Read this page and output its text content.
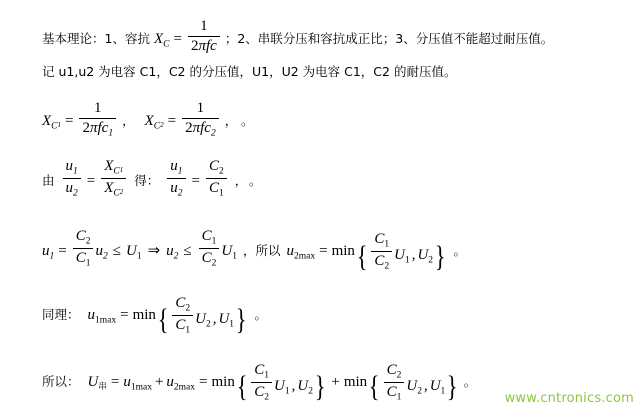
基本理论：1、容抗 $X_C = \frac{1}{\text{2πfc}}$ ；2、串联分压和容抗成正比；3、分压值不能超过耐压值。
记 u1,u2 为电容 C1，C2 的分压值，U1，U2 为电容 C1，C2 的耐压值。
$X_C1 = \frac{1}{2\pi fc_1}$ ， $X_C2 = \frac{1}{2\pi fc_2}$ ， 。
由 $\frac{u_1}{u_2} = \frac{X_C1}{X_C2}$ 得： $\frac{u_1}{u_2} = \frac{C_2}{C_1}$ ， 。
$u_1 = \frac{C_2}{C_1} u_2 \le U_1$ ⇒ $u_2 \le \frac{C_1}{C_2} U_1$ ，所以 $u_{2max} = \min\{ \frac{C_1}{C_2} U_1$ , $U_2$} 。
同理： $u_{1max} = \min\{ \frac{C_2}{C_1} U_2$ , $U_1$} 。
所以： U串 = $u_{1max} + u_{2max} = \min\{ \frac{C_1}{C_2} U_1$ , $U_2\} + \min\{ \frac{C_2}{C_1} U_2$ , $U_1$} 。
www.cntronics.com
